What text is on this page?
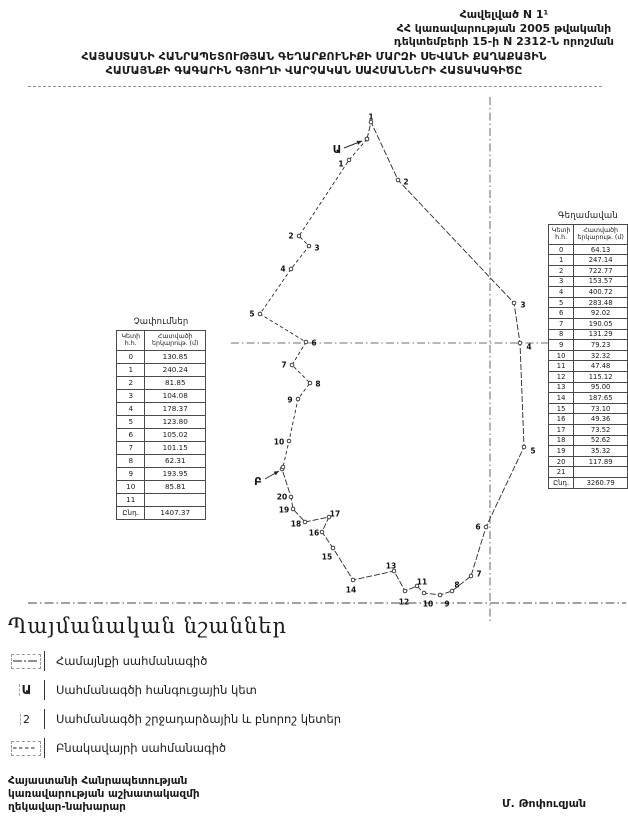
Հավելված N 1¹
ՀՀ կառավարության 2005 թվականի
դեկտեմբերի 15-ի N 2312-Ն որոշման
ՀԱՅԱՍՏԱՆԻ ՀԱՆՐԱՊԵՏՈՒԹՅԱՆ ԳԵՂԱՐՔՈՒՆԻՔԻ ՄԱՐԶԻ ՍԵՎԱՆԻ ՔԱՂԱՔԱՅԻՆ
ՀԱՄԱՅՆՔԻ ԳԱԳԱՐԻՆ ԳՅՈՒՂԻ ՎԱՐՉԱԿԱՆ ՍԱՀՄԱՆՆԵՐԻ ՀԱՏԱԿԱԳԻԾԸ
1
2
3
4
5
6
7
8
9
10
11
12
13
14
15
16
17
18
19
20
1
2
3
4
5
6
7
8
9
10
Ա
Բ
Չափումներ
Կետի հ.հ.	Հատվածի երկարութ. (մ)
0	130.85
1	240.24
2	81.85
3	104.08
4	178.37
5	123.80
6	105.02
7	101.15
8	62.31
9	193.95
10	85.81
11	
Ընդ.	1407.37
Գեղամավան
Կետի հ.հ.	Հատվածի երկարութ. (մ)
0	64.13
1	247.14
2	722.77
3	153.57
4	400.72
5	283.48
6	92.02
7	190.05
8	131.29
9	79.23
10	32.32
11	47.48
12	115.12
13	95.00
14	187.65
15	73.10
16	49.36
17	73.52
18	52.62
19	35.32
20	117.89
21	
Ընդ.	3260.79
Պայմանական նշաններ
Համայնքի սահմանագիծ
Ա Սահմանագծի հանգուցային կետ
2 Սահմանագծի շրջադարձային և բնորոշ կետեր
Բնակավայրի սահմանագիծ
Հայաստանի Հանրապետության
կառավարության աշխատակազմի
ղեկավար-նախարար	Մ. Թոփուզյան
